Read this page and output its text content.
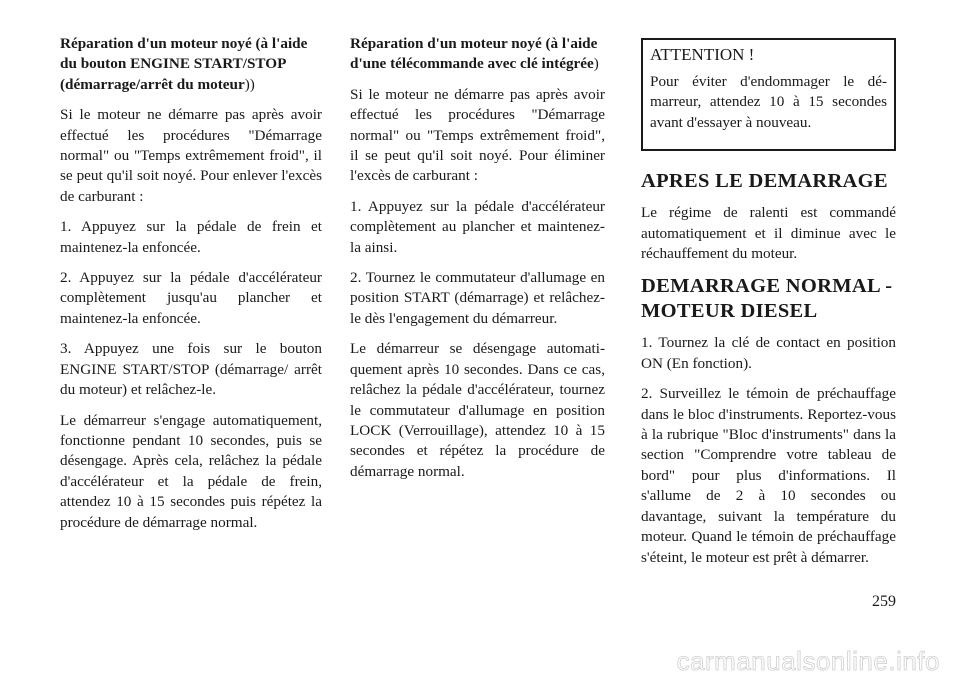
Réparation d'un moteur noyé (à l'aide du bouton ENGINE START/STOP (démarrage/arrêt du moteur))

Si le moteur ne démarre pas après avoir effectué les procédures "Démarrage normal" ou "Temps extrêmement froid", il se peut qu'il soit noyé. Pour enlever l'excès de carburant :

1. Appuyez sur la pédale de frein et maintenez-la enfoncée.

2. Appuyez sur la pédale d'accélérateur complètement jusqu'au plancher et maintenez-la enfoncée.

3. Appuyez une fois sur le bouton ENGINE START/STOP (démarrage/ arrêt du moteur) et relâchez-le.

Le démarreur s'engage automatiquement, fonctionne pendant 10 secondes, puis se désengage. Après cela, relâchez la pédale d'accélérateur et la pédale de frein, attendez 10 à 15 secondes puis répétez la procédure de démarrage normal.

Réparation d'un moteur noyé (à l'aide d'une télécommande avec clé intégrée)

Si le moteur ne démarre pas après avoir effectué les procédures "Démarrage normal" ou "Temps extrêmement froid", il se peut qu'il soit noyé. Pour éliminer l'excès de carburant :

1. Appuyez sur la pédale d'accélérateur complètement au plancher et maintenez-la ainsi.

2. Tournez le commutateur d'allumage en position START (démarrage) et relâchez-le dès l'engagement du démarreur.

Le démarreur se désengage automatiquement après 10 secondes. Dans ce cas, relâchez la pédale d'accélérateur, tournez le commutateur d'allumage en position LOCK (Verrouillage), attendez 10 à 15 secondes et répétez la procédure de démarrage normal.

ATTENTION !

Pour éviter d'endommager le démarreur, attendez 10 à 15 secondes avant d'essayer à nouveau.

APRES LE DEMARRAGE

Le régime de ralenti est commandé automatiquement et il diminue avec le réchauffement du moteur.

DEMARRAGE NORMAL -
MOTEUR DIESEL

1. Tournez la clé de contact en position ON (En fonction).

2. Surveillez le témoin de préchauffage dans le bloc d'instruments. Reportez-vous à la rubrique "Bloc d'instruments" dans la section "Comprendre votre tableau de bord" pour plus d'informations. Il s'allume de 2 à 10 secondes ou davantage, suivant la température du moteur. Quand le témoin de préchauffage s'éteint, le moteur est prêt à démarrer.

259
carmanualsonline.info
